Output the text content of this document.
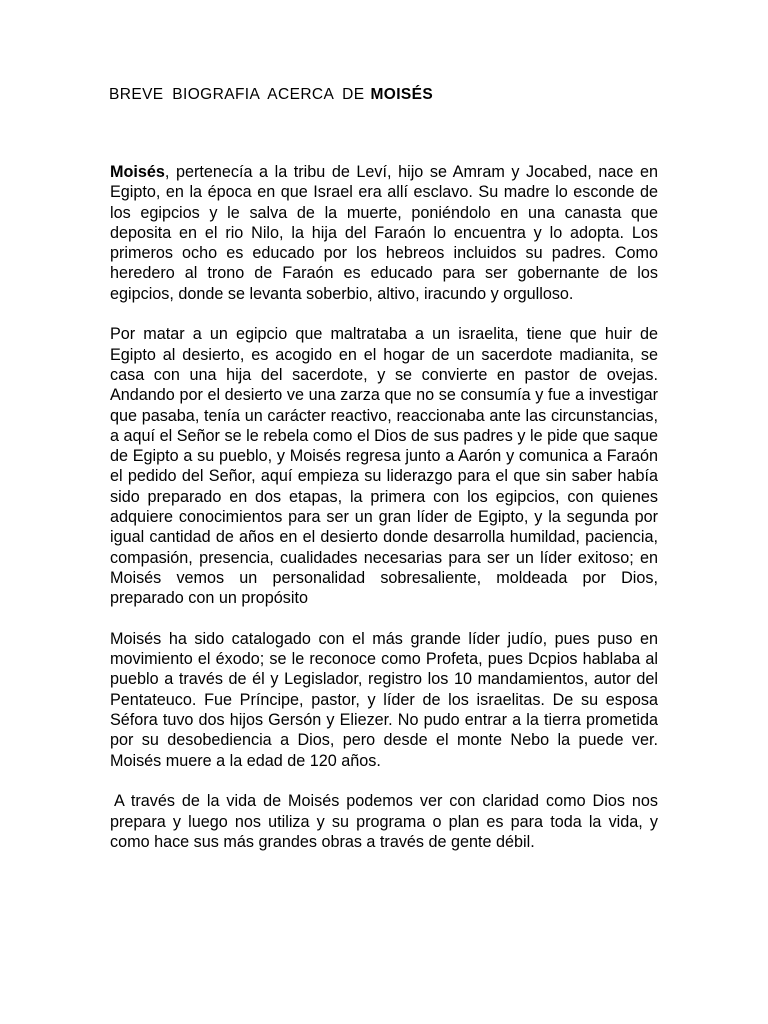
BREVE BIOGRAFIA ACERCA DE MOISÉS

Moisés, pertenecía a la tribu de Leví, hijo se Amram y Jocabed, nace en Egipto, en la época en que Israel era allí esclavo. Su madre lo esconde de los egipcios y le salva de la muerte, poniéndolo en una canasta que deposita en el rio Nilo, la hija del Faraón lo encuentra y lo adopta. Los primeros ocho es educado por los hebreos incluidos su padres. Como heredero al trono de Faraón es educado para ser gobernante de los egipcios, donde se levanta soberbio, altivo, iracundo y orgulloso.

Por matar a un egipcio que maltrataba a un israelita, tiene que huir de Egipto al desierto, es acogido en el hogar de un sacerdote madianita, se casa con una hija del sacerdote, y se convierte en pastor de ovejas. Andando por el desierto ve una zarza que no se consumía y fue a investigar que pasaba, tenía un carácter reactivo, reaccionaba ante las circunstancias, a aquí el Señor se le rebela como el Dios de sus padres y le pide que saque de Egipto a su pueblo, y Moisés regresa junto a Aarón y comunica a Faraón el pedido del Señor, aquí empieza su liderazgo para el que sin saber había sido preparado en dos etapas, la primera con los egipcios, con quienes adquiere conocimientos para ser un gran líder de Egipto, y la segunda por igual cantidad de años en el desierto donde desarrolla humildad, paciencia, compasión, presencia, cualidades necesarias para ser un líder exitoso; en Moisés vemos un personalidad sobresaliente, moldeada por Dios, preparado con un propósito

Moisés ha sido catalogado con el más grande líder judío, pues puso en movimiento el éxodo; se le reconoce como Profeta, pues Dcpios hablaba al pueblo a través de él y Legislador, registro los 10 mandamientos, autor del Pentateuco. Fue Príncipe, pastor, y líder de los israelitas. De su esposa Séfora tuvo dos hijos Gersón y Eliezer. No pudo entrar a la tierra prometida por su desobediencia a Dios, pero desde el monte Nebo la puede ver. Moisés muere a la edad de 120 años.

A través de la vida de Moisés podemos ver con claridad como Dios nos prepara y luego nos utiliza y su programa o plan es para toda la vida, y como hace sus más grandes obras a través de gente débil.
